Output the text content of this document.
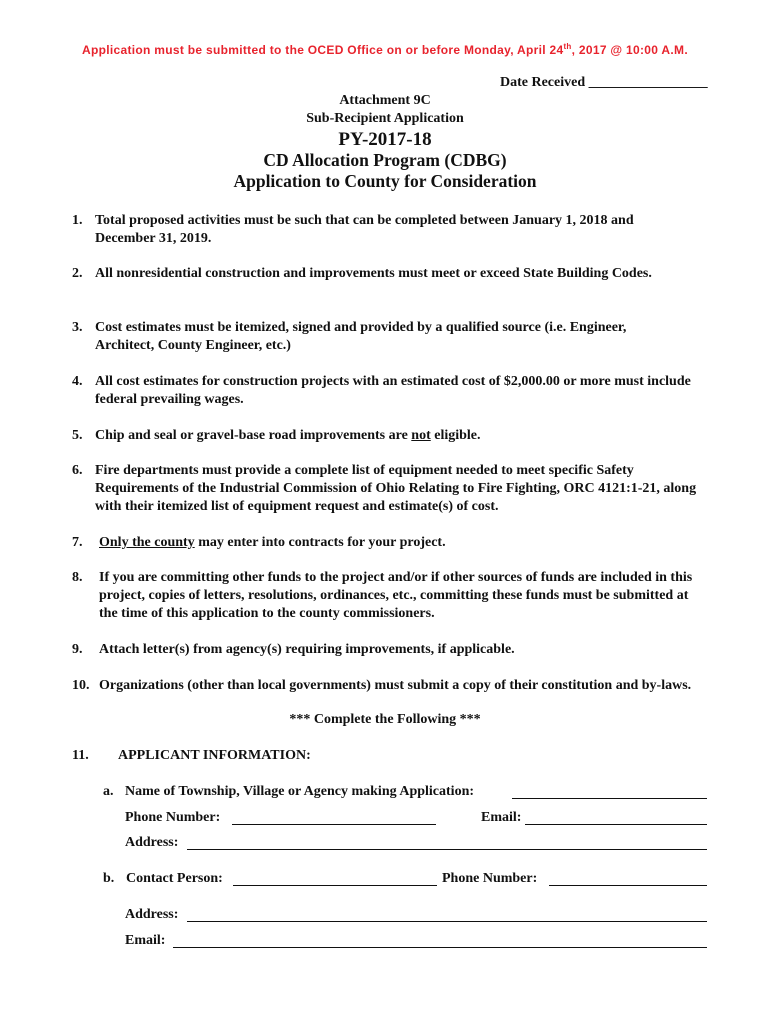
Application must be submitted to the OCED Office on or before Monday, April 24th, 2017 @ 10:00 A.M.
Date Received _________________
Attachment 9C
Sub-Recipient Application
PY-2017-18
CD Allocation Program (CDBG)
Application to County for Consideration
1. Total proposed activities must be such that can be completed between January 1, 2018 and December 31, 2019.
2. All nonresidential construction and improvements must meet or exceed State Building Codes.
3. Cost estimates must be itemized, signed and provided by a qualified source (i.e. Engineer, Architect, County Engineer, etc.)
4. All cost estimates for construction projects with an estimated cost of $2,000.00 or more must include federal prevailing wages.
5. Chip and seal or gravel-base road improvements are not eligible.
6. Fire departments must provide a complete list of equipment needed to meet specific Safety Requirements of the Industrial Commission of Ohio Relating to Fire Fighting, ORC 4121:1-21, along with their itemized list of equipment request and estimate(s) of cost.
7. Only the county may enter into contracts for your project.
8. If you are committing other funds to the project and/or if other sources of funds are included in this project, copies of letters, resolutions, ordinances, etc., committing these funds must be submitted at the time of this application to the county commissioners.
9. Attach letter(s) from agency(s) requiring improvements, if applicable.
10. Organizations (other than local governments) must submit a copy of their constitution and by-laws.
*** Complete the Following ***
11. APPLICANT INFORMATION:
a. Name of Township, Village or Agency making Application:
Phone Number:	Email:
Address:
b. Contact Person:	Phone Number:
Address:
Email:
